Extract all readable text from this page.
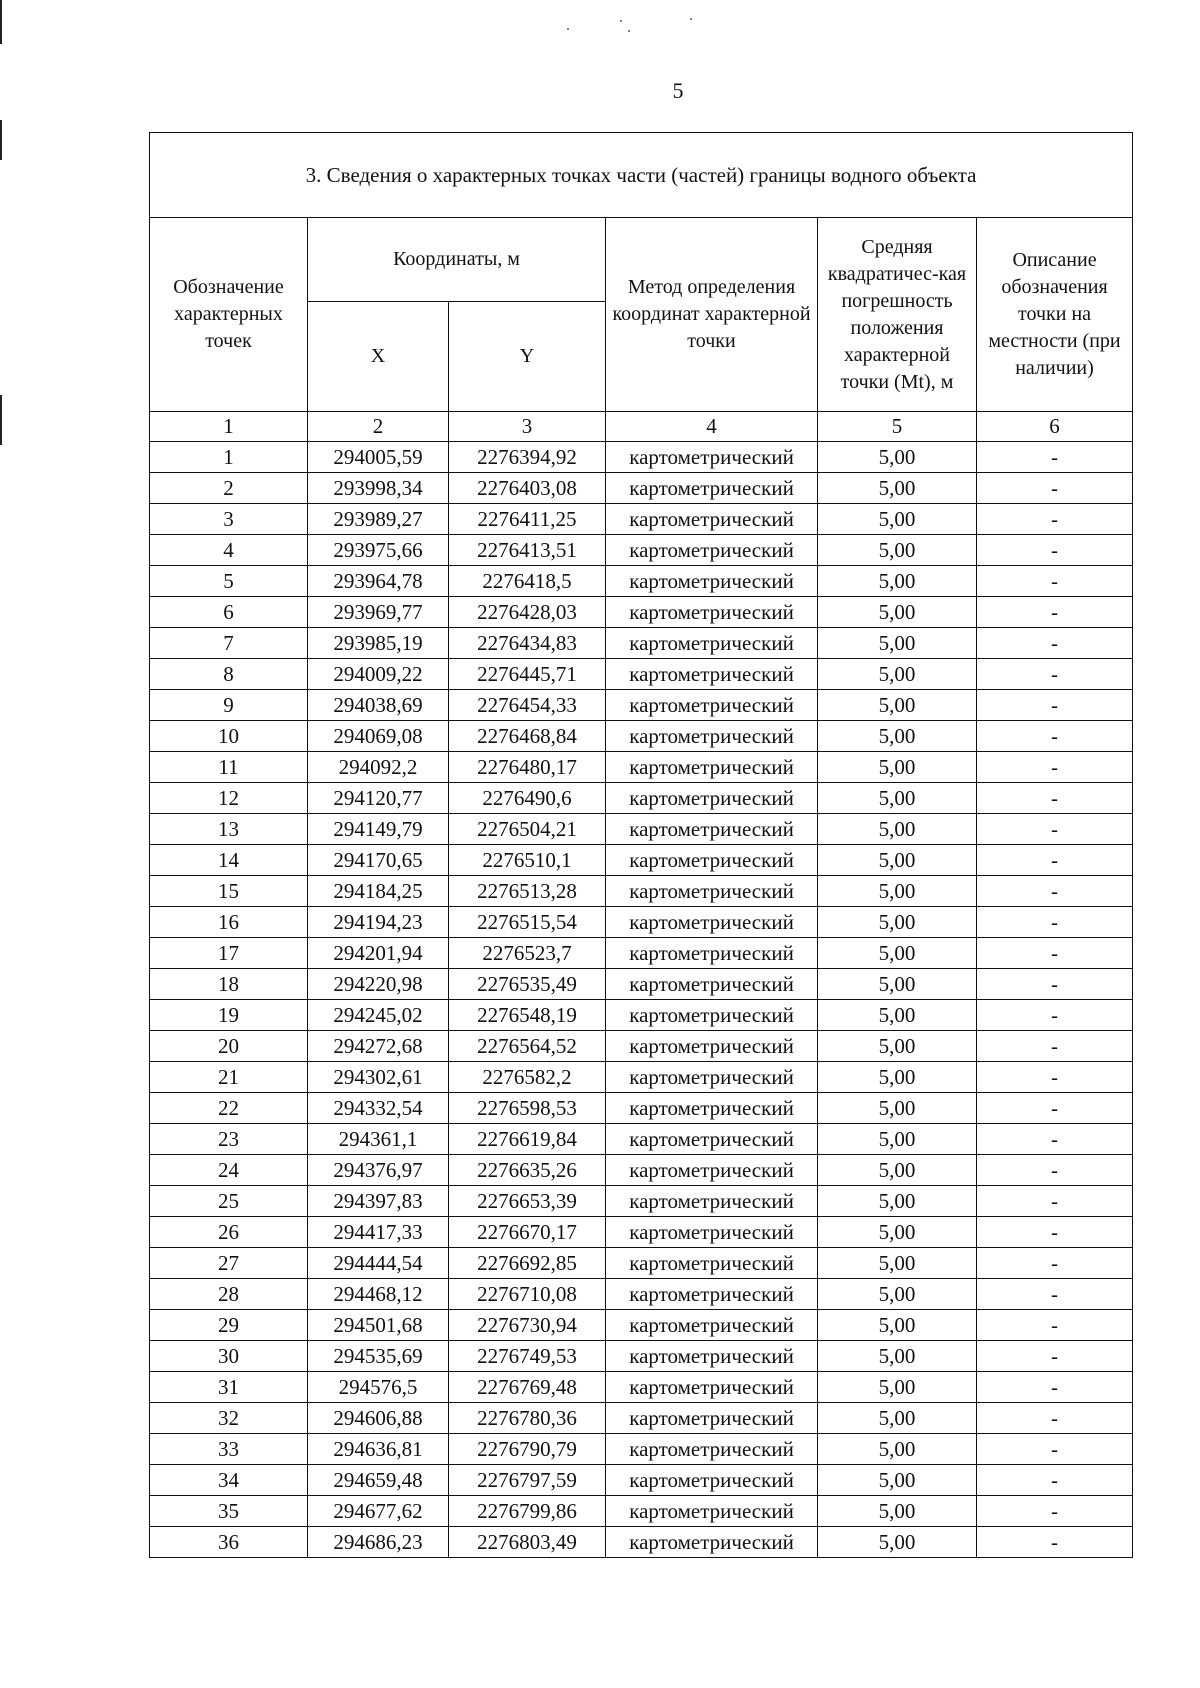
5
3. Сведения о характерных точках части (частей) границы водного объекта					
Обозначение характерных точек	Координаты, м		Метод определения координат характерной точки	Средняя квадратичес-кая погрешность положения характерной точки (Mt), м	Описание обозначения точки на местности (при наличии)
	X	Y			
1	2	3	4	5	6
1	294005,59	2276394,92	картометрический	5,00	-
2	293998,34	2276403,08	картометрический	5,00	-
3	293989,27	2276411,25	картометрический	5,00	-
4	293975,66	2276413,51	картометрический	5,00	-
5	293964,78	2276418,5	картометрический	5,00	-
6	293969,77	2276428,03	картометрический	5,00	-
7	293985,19	2276434,83	картометрический	5,00	-
8	294009,22	2276445,71	картометрический	5,00	-
9	294038,69	2276454,33	картометрический	5,00	-
10	294069,08	2276468,84	картометрический	5,00	-
11	294092,2	2276480,17	картометрический	5,00	-
12	294120,77	2276490,6	картометрический	5,00	-
13	294149,79	2276504,21	картометрический	5,00	-
14	294170,65	2276510,1	картометрический	5,00	-
15	294184,25	2276513,28	картометрический	5,00	-
16	294194,23	2276515,54	картометрический	5,00	-
17	294201,94	2276523,7	картометрический	5,00	-
18	294220,98	2276535,49	картометрический	5,00	-
19	294245,02	2276548,19	картометрический	5,00	-
20	294272,68	2276564,52	картометрический	5,00	-
21	294302,61	2276582,2	картометрический	5,00	-
22	294332,54	2276598,53	картометрический	5,00	-
23	294361,1	2276619,84	картометрический	5,00	-
24	294376,97	2276635,26	картометрический	5,00	-
25	294397,83	2276653,39	картометрический	5,00	-
26	294417,33	2276670,17	картометрический	5,00	-
27	294444,54	2276692,85	картометрический	5,00	-
28	294468,12	2276710,08	картометрический	5,00	-
29	294501,68	2276730,94	картометрический	5,00	-
30	294535,69	2276749,53	картометрический	5,00	-
31	294576,5	2276769,48	картометрический	5,00	-
32	294606,88	2276780,36	картометрический	5,00	-
33	294636,81	2276790,79	картометрический	5,00	-
34	294659,48	2276797,59	картометрический	5,00	-
35	294677,62	2276799,86	картометрический	5,00	-
36	294686,23	2276803,49	картометрический	5,00	-
